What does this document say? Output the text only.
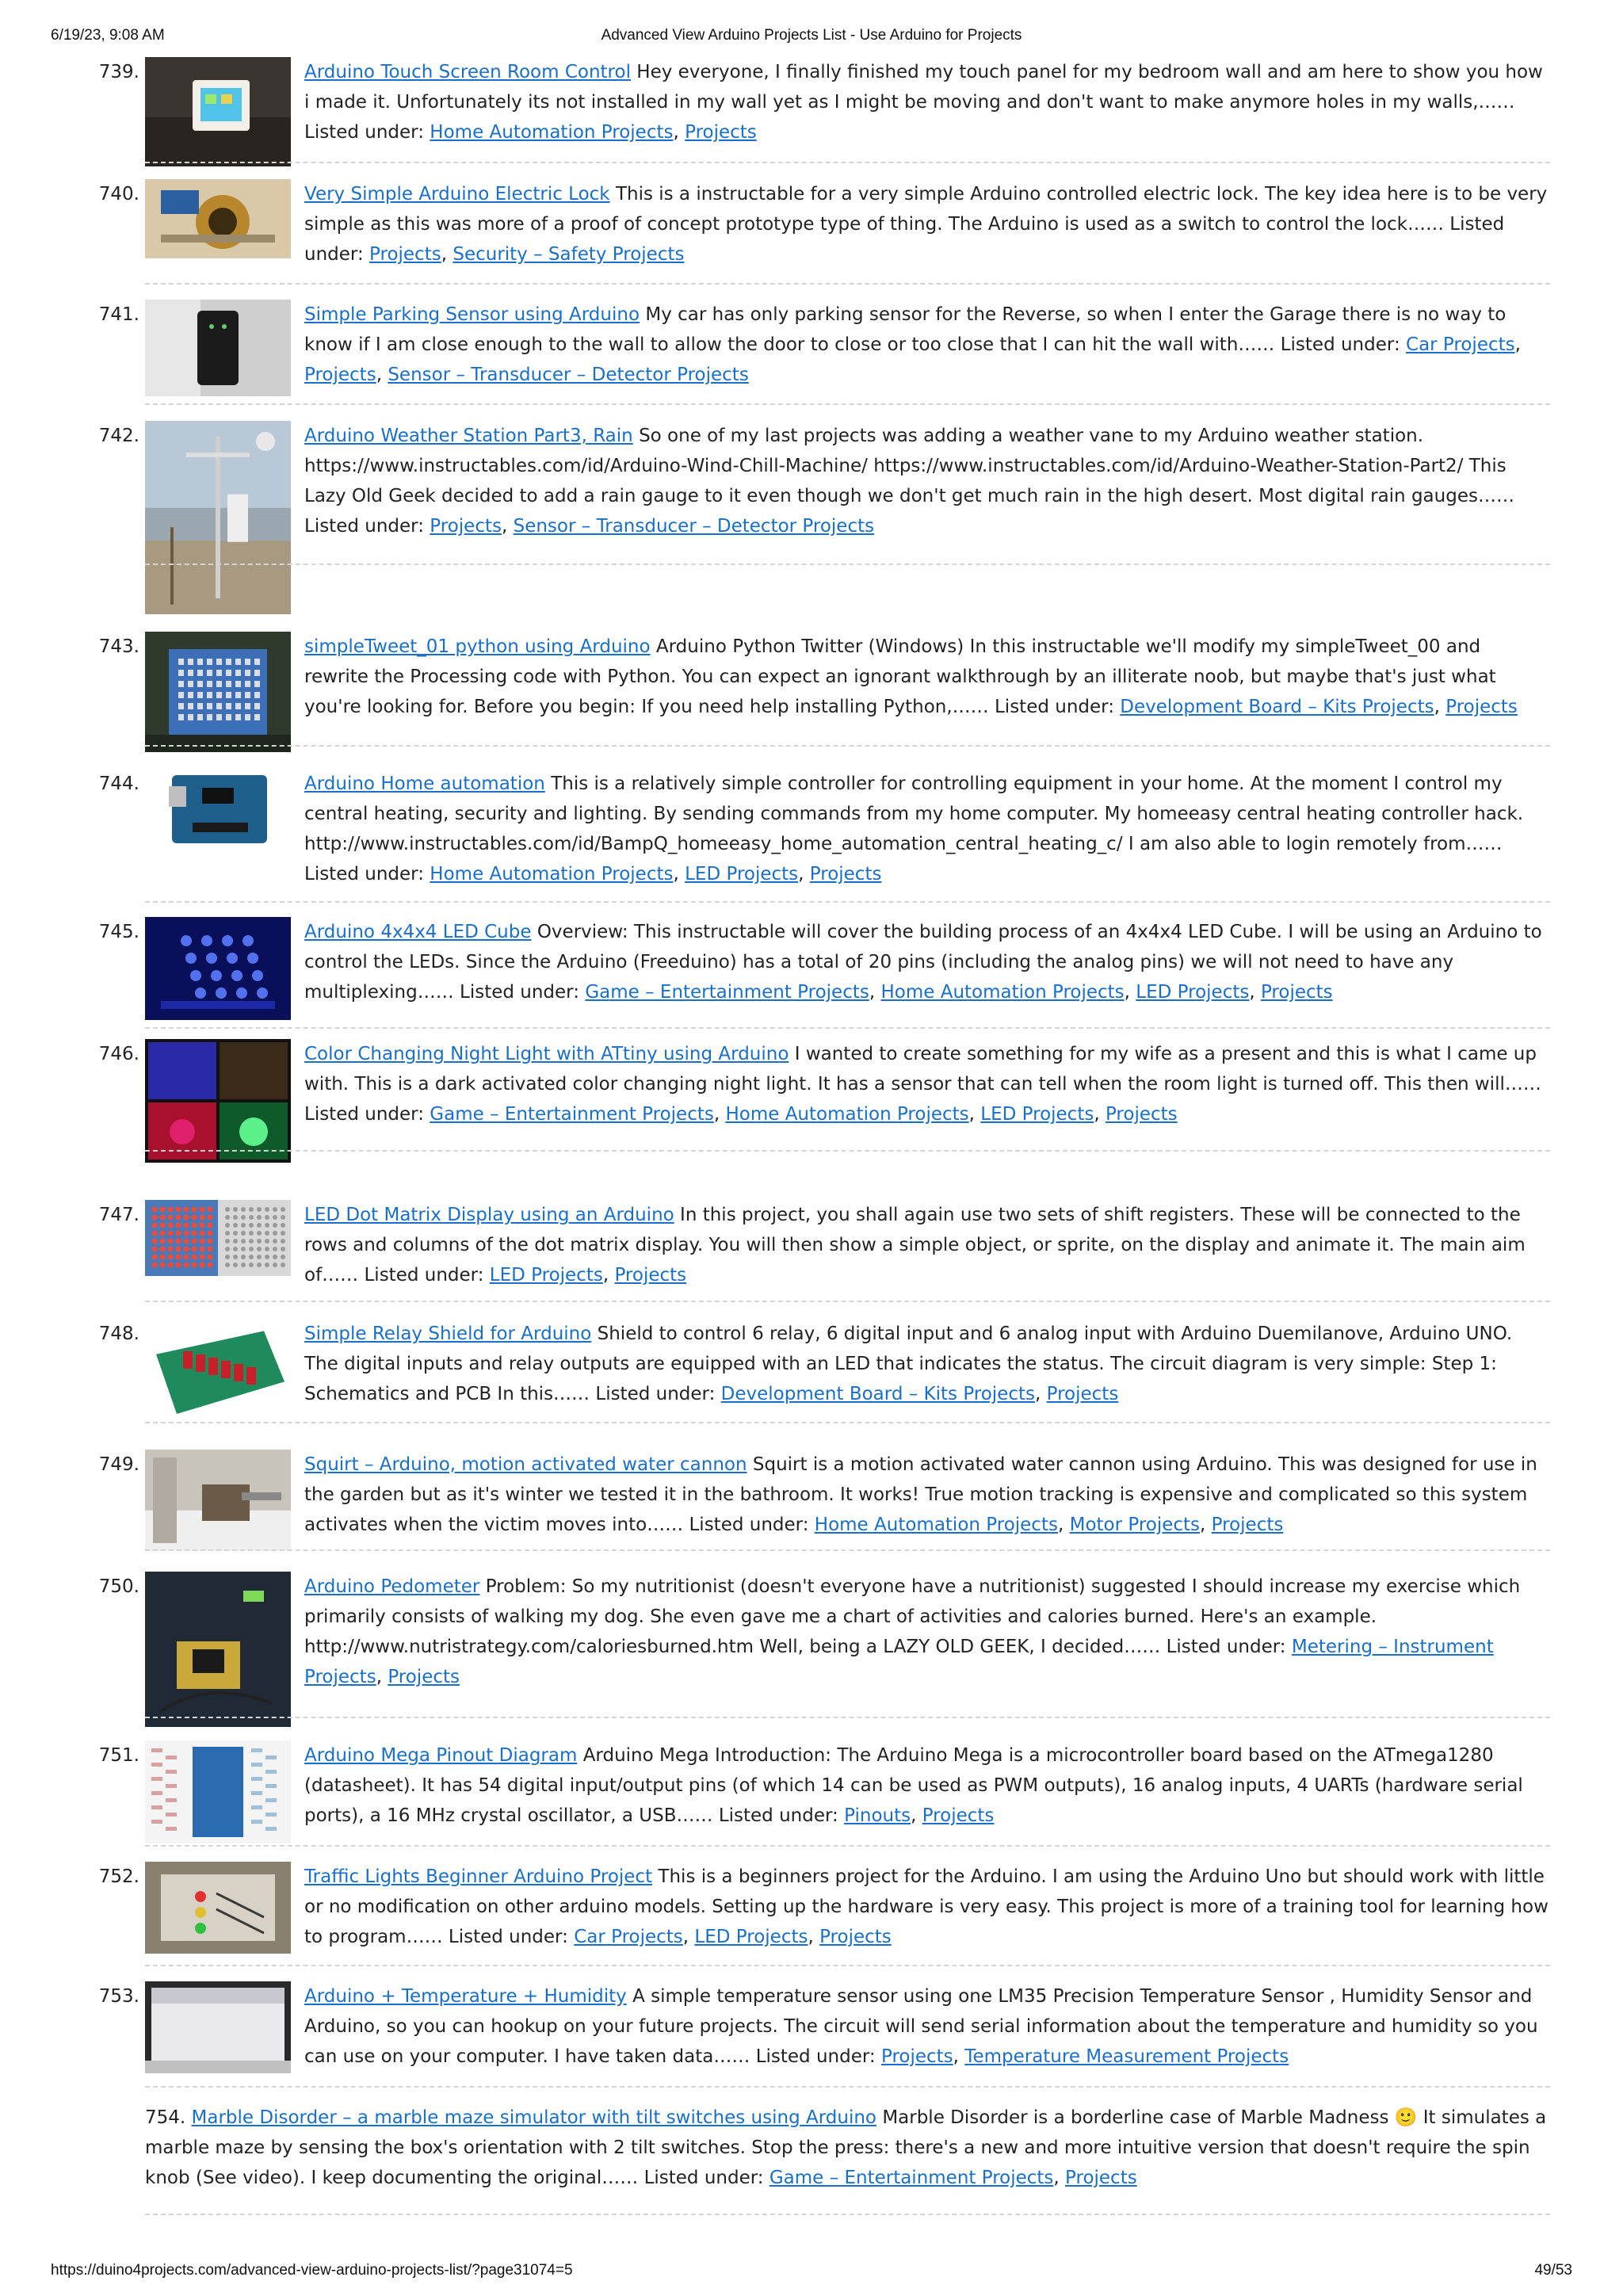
6/19/23, 9:08 AM	Advanced View Arduino Projects List - Use Arduino for Projects
739.	Arduino Touch Screen Room Control Hey everyone, I finally finished my touch panel for my bedroom wall and am here to show you how i made it. Unfortunately its not installed in my wall yet as I might be moving and don't want to make anymore holes in my walls,…… Listed under: Home Automation Projects, Projects
740.	Very Simple Arduino Electric Lock This is a instructable for a very simple Arduino controlled electric lock. The key idea here is to be very simple as this was more of a proof of concept prototype type of thing. The Arduino is used as a switch to control the lock…… Listed under: Projects, Security – Safety Projects
741.	Simple Parking Sensor using Arduino My car has only parking sensor for the Reverse, so when I enter the Garage there is no way to know if I am close enough to the wall to allow the door to close or too close that I can hit the wall with…… Listed under: Car Projects, Projects, Sensor – Transducer – Detector Projects
742.	Arduino Weather Station Part3, Rain So one of my last projects was adding a weather vane to my Arduino weather station. https://www.instructables.com/id/Arduino-Wind-Chill-Machine/ https://www.instructables.com/id/Arduino-Weather-Station-Part2/ This Lazy Old Geek decided to add a rain gauge to it even though we don't get much rain in the high desert. Most digital rain gauges…… Listed under: Projects, Sensor – Transducer – Detector Projects
743.	simpleTweet_01 python using Arduino Arduino Python Twitter (Windows) In this instructable we'll modify my simpleTweet_00 and rewrite the Processing code with Python. You can expect an ignorant walkthrough by an illiterate noob, but maybe that's just what you're looking for. Before you begin: If you need help installing Python,…… Listed under: Development Board – Kits Projects, Projects
744.	Arduino Home automation This is a relatively simple controller for controlling equipment in your home. At the moment I control my central heating, security and lighting. By sending commands from my home computer. My homeeasy central heating controller hack. http://www.instructables.com/id/BampQ_homeeasy_home_automation_central_heating_c/ I am also able to login remotely from…… Listed under: Home Automation Projects, LED Projects, Projects
745.	Arduino 4x4x4 LED Cube Overview: This instructable will cover the building process of an 4x4x4 LED Cube. I will be using an Arduino to control the LEDs. Since the Arduino (Freeduino) has a total of 20 pins (including the analog pins) we will not need to have any multiplexing…… Listed under: Game – Entertainment Projects, Home Automation Projects, LED Projects, Projects
746.	Color Changing Night Light with ATtiny using Arduino I wanted to create something for my wife as a present and this is what I came up with. This is a dark activated color changing night light. It has a sensor that can tell when the room light is turned off. This then will…… Listed under: Game – Entertainment Projects, Home Automation Projects, LED Projects, Projects
747.	LED Dot Matrix Display using an Arduino In this project, you shall again use two sets of shift registers. These will be connected to the rows and columns of the dot matrix display. You will then show a simple object, or sprite, on the display and animate it. The main aim of…… Listed under: LED Projects, Projects
748.	Simple Relay Shield for Arduino Shield to control 6 relay, 6 digital input and 6 analog input with Arduino Duemilanove, Arduino UNO. The digital inputs and relay outputs are equipped with an LED that indicates the status. The circuit diagram is very simple: Step 1: Schematics and PCB In this…… Listed under: Development Board – Kits Projects, Projects
749.	Squirt – Arduino, motion activated water cannon Squirt is a motion activated water cannon using Arduino. This was designed for use in the garden but as it's winter we tested it in the bathroom. It works! True motion tracking is expensive and complicated so this system activates when the victim moves into…… Listed under: Home Automation Projects, Motor Projects, Projects
750.	Arduino Pedometer Problem: So my nutritionist (doesn't everyone have a nutritionist) suggested I should increase my exercise which primarily consists of walking my dog. She even gave me a chart of activities and calories burned. Here's an example. http://www.nutristrategy.com/caloriesburned.htm Well, being a LAZY OLD GEEK, I decided…… Listed under: Metering – Instrument Projects, Projects
751.	Arduino Mega Pinout Diagram Arduino Mega Introduction: The Arduino Mega is a microcontroller board based on the ATmega1280 (datasheet). It has 54 digital input/output pins (of which 14 can be used as PWM outputs), 16 analog inputs, 4 UARTs (hardware serial ports), a 16 MHz crystal oscillator, a USB…… Listed under: Pinouts, Projects
752.	Traffic Lights Beginner Arduino Project This is a beginners project for the Arduino. I am using the Arduino Uno but should work with little or no modification on other arduino models. Setting up the hardware is very easy. This project is more of a training tool for learning how to program…… Listed under: Car Projects, LED Projects, Projects
753.	Arduino + Temperature + Humidity A simple temperature sensor using one LM35 Precision Temperature Sensor , Humidity Sensor and Arduino, so you can hookup on your future projects. The circuit will send serial information about the temperature and humidity so you can use on your computer. I have taken data…… Listed under: Projects, Temperature Measurement Projects
754. Marble Disorder – a marble maze simulator with tilt switches using Arduino Marble Disorder is a borderline case of Marble Madness 🙂 It simulates a marble maze by sensing the box's orientation with 2 tilt switches. Stop the press: there's a new and more intuitive version that doesn't require the spin knob (See video). I keep documenting the original…… Listed under: Game – Entertainment Projects, Projects
https://duino4projects.com/advanced-view-arduino-projects-list/?page31074=5	49/53
